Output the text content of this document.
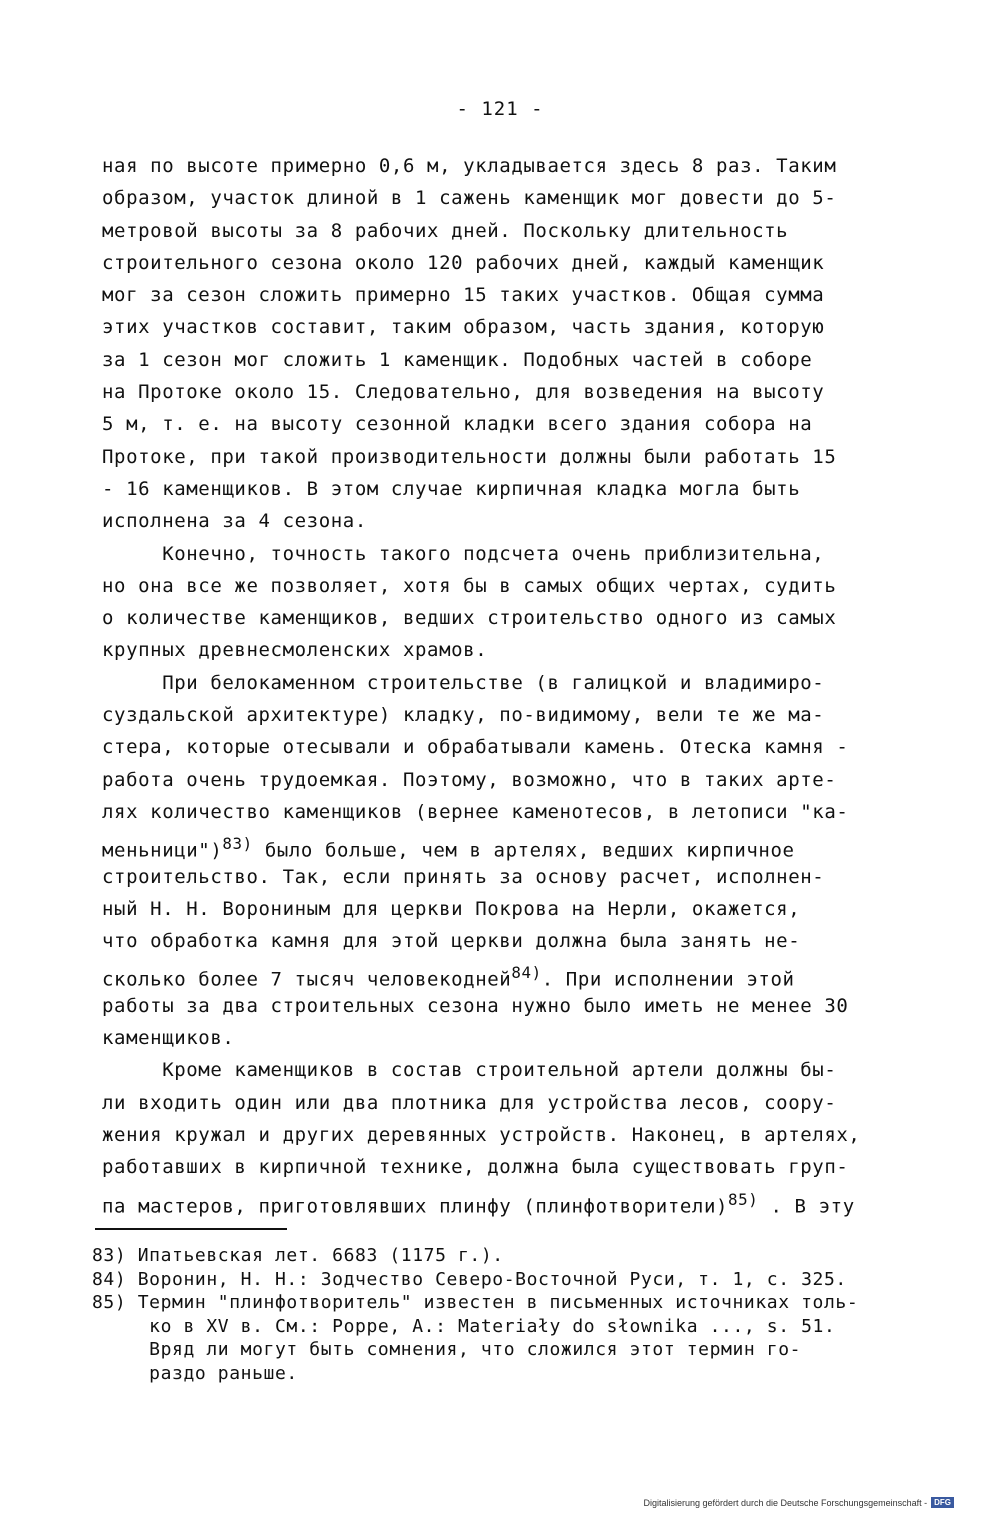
- 121 -
ная по высоте примерно 0,6 м, укладывается здесь 8 раз. Таким
образом, участок длиной в 1 сажень каменщик мог довести до 5-
метровой высоты за 8 рабочих дней. Поскольку длительность
строительного сезона около 120 рабочих дней, каждый каменщик
мог за сезон сложить примерно 15 таких участков. Общая сумма
этих участков составит, таким образом, часть здания, которую
за 1 сезон мог сложить 1 каменщик. Подобных частей в соборе
на Протоке около 15. Следовательно, для возведения на высоту
5 м, т. е. на высоту сезонной кладки всего здания собора на
Протоке, при такой производительности должны были работать 15
- 16 каменщиков. В этом случае кирпичная кладка могла быть
исполнена за 4 сезона.
Конечно, точность такого подсчета очень приблизительна,
но она все же позволяет, хотя бы в самых общих чертах, судить
о количестве каменщиков, ведших строительство одного из самых
крупных древнесмоленских храмов.
При белокаменном строительстве (в галицкой и владимиро-
суздальской архитектуре) кладку, по-видимому, вели те же ма-
стера, которые отесывали и обрабатывали камень. Отеска камня -
работа очень трудоемкая. Поэтому, возможно, что в таких арте-
лях количество каменщиков (вернее каменотесов, в летописи "ка-
меньници")$^{83)}$ было больше, чем в артелях, ведших кирпичное
строительство. Так, если принять за основу расчет, исполнен-
ный Н. Н. Ворониным для церкви Покрова на Нерли, окажется,
что обработка камня для этой церкви должна была занять не-
сколько более 7 тысяч человекодней$^{84)}$. При исполнении этой
работы за два строительных сезона нужно было иметь не менее 30
каменщиков.
Кроме каменщиков в состав строительной артели должны бы-
ли входить один или два плотника для устройства лесов, соору-
жения кружал и других деревянных устройств. Наконец, в артелях,
работавших в кирпичной технике, должна была существовать груп-
па мастеров, приготовлявших плинфу (плинфотворители)$^{85)}$ . В эту
83) Ипатьевская лет. 6683 (1175 г.).
84) Воронин, Н. Н.: Зодчество Северо-Восточной Руси, т. 1, с. 325.
85) Термин "плинфотворитель" известен в письменных источниках толь-
ко в XV в. См.: Poppe, A.: Materiały do słownika ..., s. 51.
Вряд ли могут быть сомнения, что сложился этот термин го-
раздо раньше.
Digitalisierung gefördert durch die Deutsche Forschungsgemeinschaft - DFG
